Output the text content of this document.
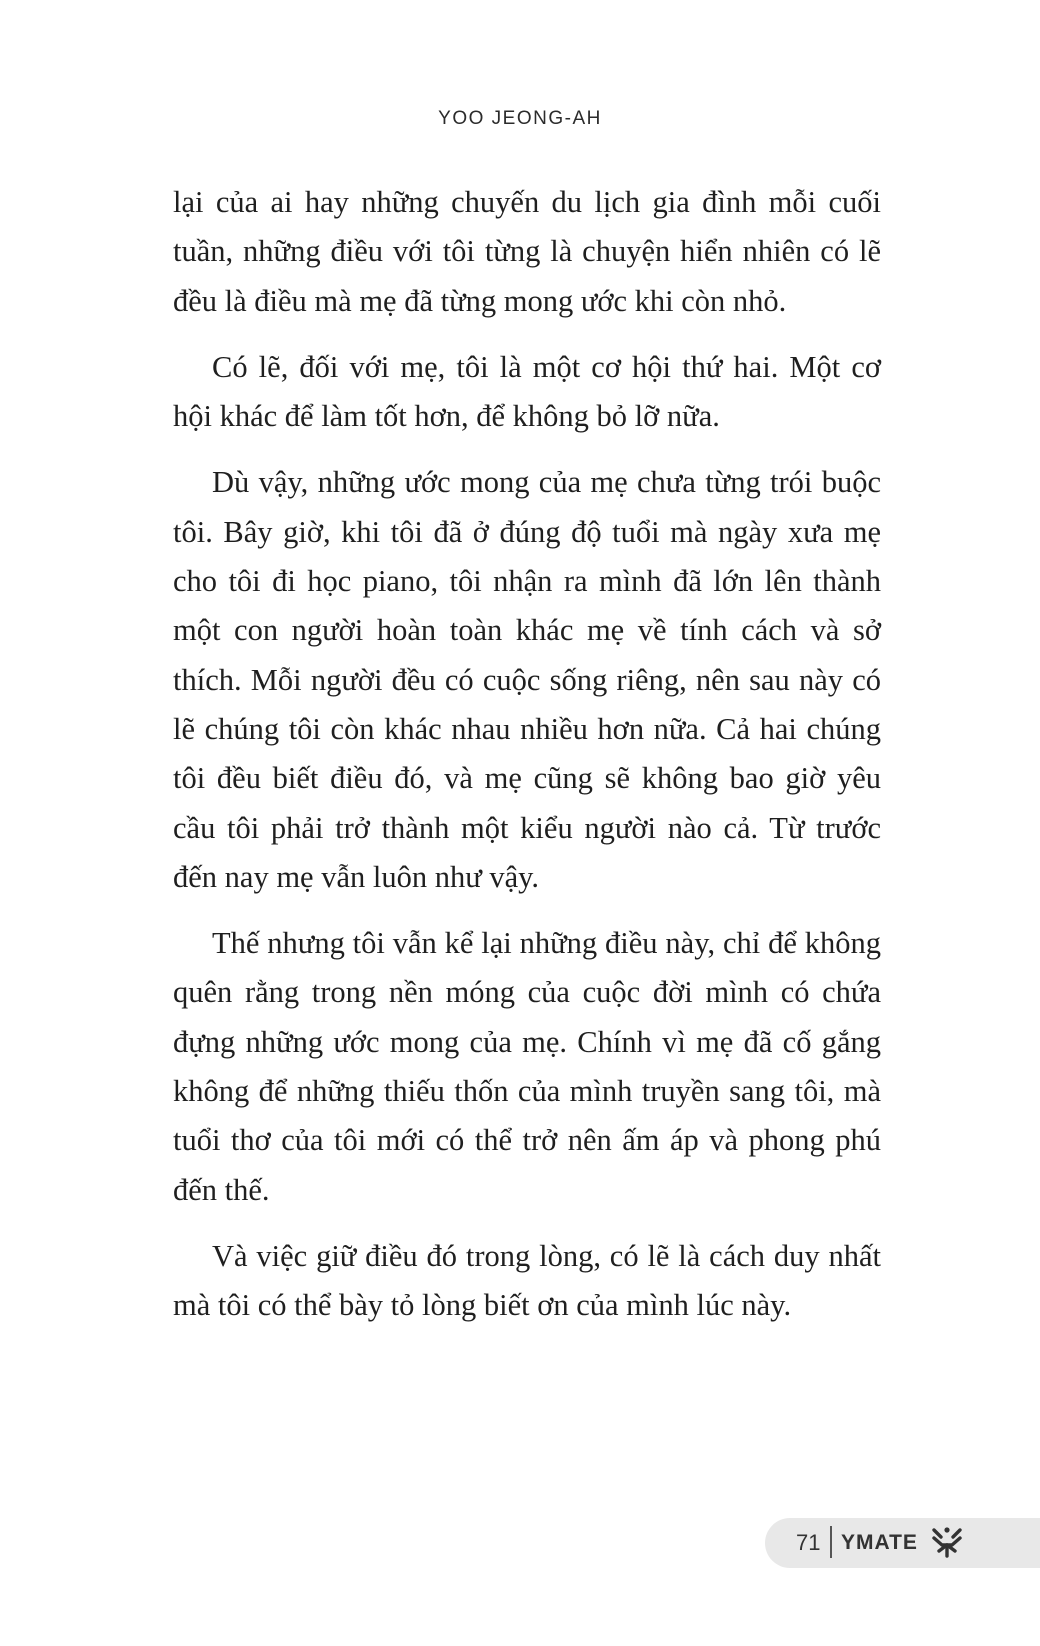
YOO JEONG-AH

lại của ai hay những chuyến du lịch gia đình mỗi cuối tuần, những điều với tôi từng là chuyện hiển nhiên có lẽ đều là điều mà mẹ đã từng mong ước khi còn nhỏ.

Có lẽ, đối với mẹ, tôi là một cơ hội thứ hai. Một cơ hội khác để làm tốt hơn, để không bỏ lỡ nữa.

Dù vậy, những ước mong của mẹ chưa từng trói buộc tôi. Bây giờ, khi tôi đã ở đúng độ tuổi mà ngày xưa mẹ cho tôi đi học piano, tôi nhận ra mình đã lớn lên thành một con người hoàn toàn khác mẹ về tính cách và sở thích. Mỗi người đều có cuộc sống riêng, nên sau này có lẽ chúng tôi còn khác nhau nhiều hơn nữa. Cả hai chúng tôi đều biết điều đó, và mẹ cũng sẽ không bao giờ yêu cầu tôi phải trở thành một kiểu người nào cả. Từ trước đến nay mẹ vẫn luôn như vậy.

Thế nhưng tôi vẫn kể lại những điều này, chỉ để không quên rằng trong nền móng của cuộc đời mình có chứa đựng những ước mong của mẹ. Chính vì mẹ đã cố gắng không để những thiếu thốn của mình truyền sang tôi, mà tuổi thơ của tôi mới có thể trở nên ấm áp và phong phú đến thế.

Và việc giữ điều đó trong lòng, có lẽ là cách duy nhất mà tôi có thể bày tỏ lòng biết ơn của mình lúc này.

71 YMATE
